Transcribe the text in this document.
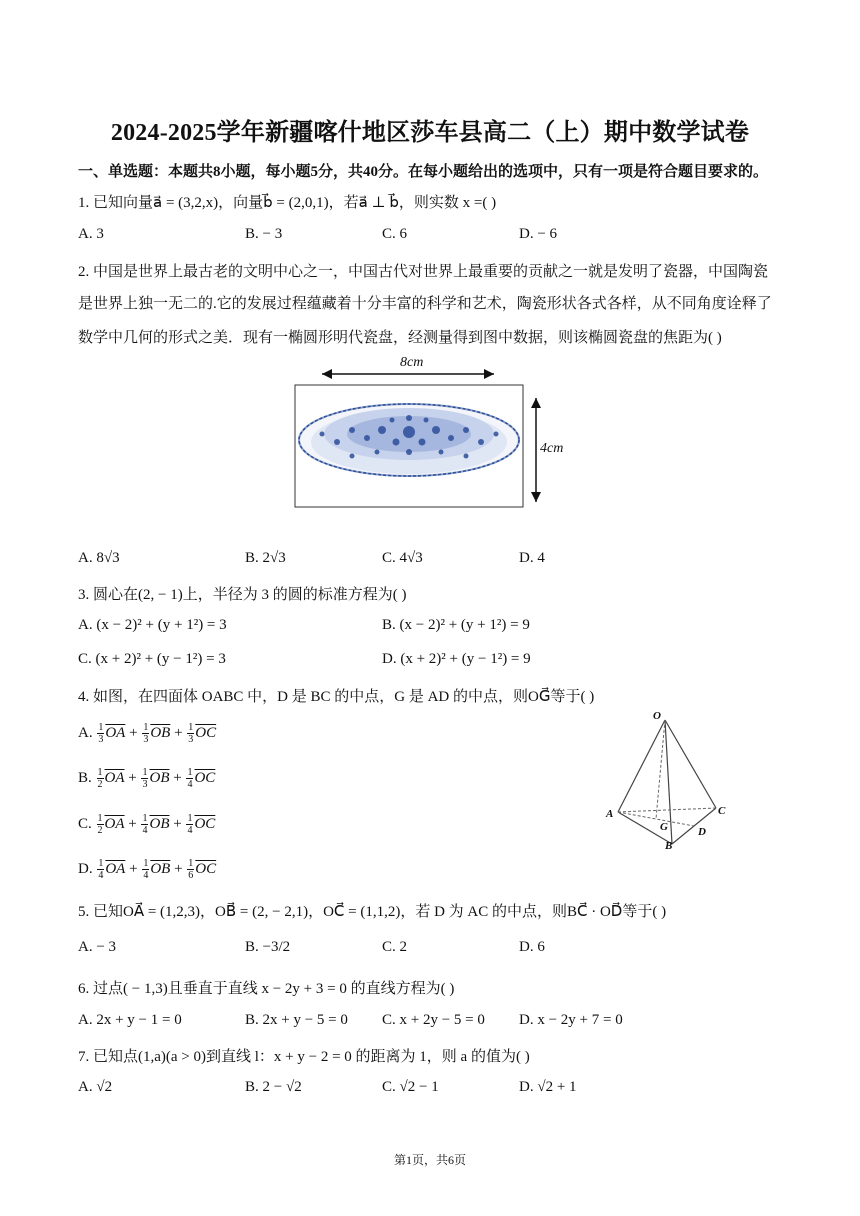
2024-2025学年新疆喀什地区莎车县高二（上）期中数学试卷
一、单选题：本题共8小题，每小题5分，共40分。在每小题给出的选项中，只有一项是符合题目要求的。
1. 已知向量a⃗ = (3,2,x)，向量b⃗ = (2,0,1)，若a⃗ ⊥ b⃗，则实数 x =( )
A. 3	B. − 3	C. 6	D. − 6
2. 中国是世界上最古老的文明中心之一，中国古代对世界上最重要的贡献之一就是发明了瓷器，中国陶瓷
是世界上独一无二的.它的发展过程蕴藏着十分丰富的科学和艺术，陶瓷形状各式各样，从不同角度诠释了
数学中几何的形式之美．现有一椭圆形明代瓷盘，经测量得到图中数据，则该椭圆瓷盘的焦距为( )
8cm
4cm
A. 8√3	B. 2√3	C. 4√3	D. 4
3. 圆心在(2, − 1)上，半径为 3 的圆的标准方程为( )
A. (x − 2)² + (y + 1²) = 3	B. (x − 2)² + (y + 1²) = 9
C. (x + 2)² + (y − 1²) = 3	D. (x + 2)² + (y − 1²) = 9
4. 如图，在四面体 OABC 中，D 是 BC 的中点，G 是 AD 的中点，则OG⃗等于( )
A. $\frac{1}{3} \overline{OA} + \frac{1}{3} \overline{OB} + \frac{1}{3} \overline{OC}$
B. $\frac{1}{2} \overline{OA} + \frac{1}{3} \overline{OB} + \frac{1}{4} \overline{OC}$
C. $\frac{1}{2} \overline{OA} + \frac{1}{4} \overline{OB} + \frac{1}{4} \overline{OC}$
D. $\frac{1}{4} \overline{OA} + \frac{1}{4} \overline{OB} + \frac{1}{6} \overline{OC}$
O
A
B
C
D
G
5. 已知OA⃗ = (1,2,3)，OB⃗ = (2, − 2,1)，OC⃗ = (1,1,2)，若 D 为 AC 的中点，则BC⃗ · OD⃗等于( )
A. − 3	B. −3/2	C. 2	D. 6
6. 过点( − 1,3)且垂直于直线 x − 2y + 3 = 0 的直线方程为( )
A. 2x + y − 1 = 0	B. 2x + y − 5 = 0 C. x + 2y − 5 = 0 D. x − 2y + 7 = 0
7. 已知点(1,a)(a > 0)到直线 l：x + y − 2 = 0 的距离为 1，则 a 的值为( )
A. √2	B. 2 − √2	C. √2 − 1	D. √2 + 1
第1页，共6页
